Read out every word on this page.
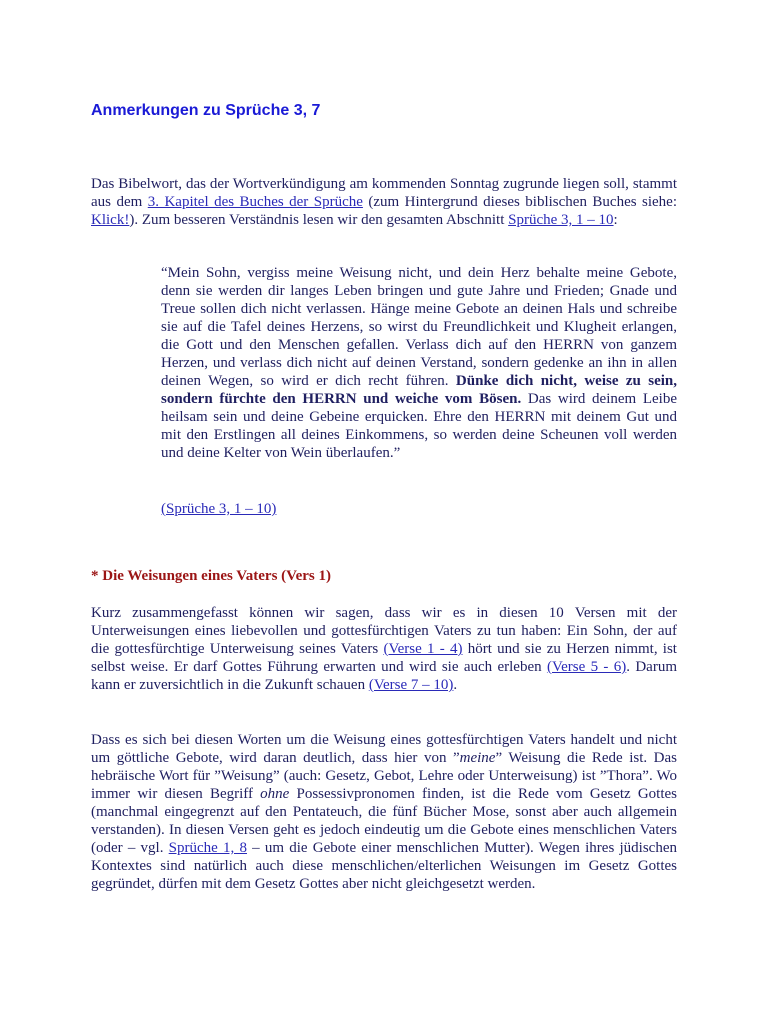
Anmerkungen zu Sprüche 3, 7

Das Bibelwort, das der Wortverkündigung am kommenden Sonntag zugrunde liegen soll, stammt aus dem 3. Kapitel des Buches der Sprüche (zum Hintergrund dieses biblischen Buches siehe: Klick!). Zum besseren Verständnis lesen wir den gesamten Abschnitt Sprüche 3, 1 – 10:

“Mein Sohn, vergiss meine Weisung nicht, und dein Herz behalte meine Gebote, denn sie werden dir langes Leben bringen und gute Jahre und Frieden; Gnade und Treue sollen dich nicht verlassen. Hänge meine Gebote an deinen Hals und schreibe sie auf die Tafel deines Herzens, so wirst du Freundlichkeit und Klugheit erlangen, die Gott und den Menschen gefallen. Verlass dich auf den HERRN von ganzem Herzen, und verlass dich nicht auf deinen Verstand, sondern gedenke an ihn in allen deinen Wegen, so wird er dich recht führen. Dünke dich nicht, weise zu sein, sondern fürchte den HERRN und weiche vom Bösen. Das wird deinem Leibe heilsam sein und deine Gebeine erquicken. Ehre den HERRN mit deinem Gut und mit den Erstlingen all deines Einkommens, so werden deine Scheunen voll werden und deine Kelter von Wein überlaufen.”

(Sprüche 3, 1 – 10)

* Die Weisungen eines Vaters (Vers 1)

Kurz zusammengefasst können wir sagen, dass wir es in diesen 10 Versen mit der Unterweisungen eines liebevollen und gottesfürchtigen Vaters zu tun haben: Ein Sohn, der auf die gottesfürchtige Unterweisung seines Vaters (Verse 1 - 4) hört und sie zu Herzen nimmt, ist selbst weise. Er darf Gottes Führung erwarten und wird sie auch erleben (Verse 5 - 6). Darum kann er zuversichtlich in die Zukunft schauen (Verse 7 – 10).

Dass es sich bei diesen Worten um die Weisung eines gottesfürchtigen Vaters handelt und nicht um göttliche Gebote, wird daran deutlich, dass hier von ”meine” Weisung die Rede ist. Das hebräische Wort für ”Weisung” (auch: Gesetz, Gebot, Lehre oder Unterweisung) ist ”Thora”. Wo immer wir diesen Begriff ohne Possessivpronomen finden, ist die Rede vom Gesetz Gottes (manchmal eingegrenzt auf den Pentateuch, die fünf Bücher Mose, sonst aber auch allgemein verstanden). In diesen Versen geht es jedoch eindeutig um die Gebote eines menschlichen Vaters (oder – vgl. Sprüche 1, 8 – um die Gebote einer menschlichen Mutter). Wegen ihres jüdischen Kontextes sind natürlich auch diese menschlichen/elterlichen Weisungen im Gesetz Gottes gegründet, dürfen mit dem Gesetz Gottes aber nicht gleichgesetzt werden.
